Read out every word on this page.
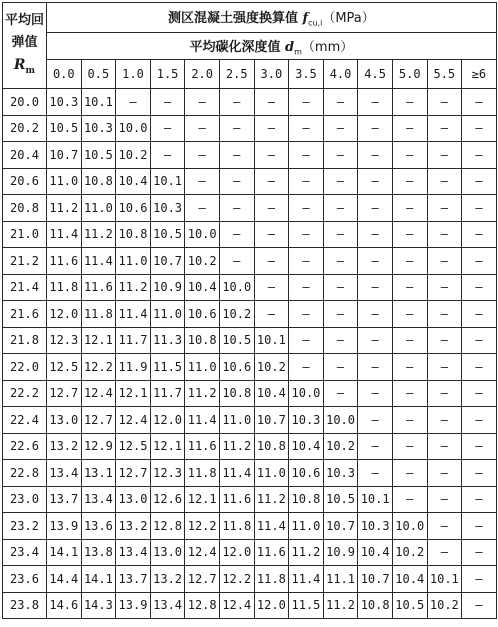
平均回
弹值
$R_m$	测区混凝土强度换算值 $f_{cu,i}(MPa)$												
	平均碳化深度值 $d_m(mm)$												
	0.0	0.5	1.0	1.5	2.0	2.5	3.0	3.5	4.0	4.5	5.0	5.5	≥6
20.0	10.3	10.1	—	—	—	—	—	—	—	—	—	—	—
20.2	10.5	10.3	10.0	—	—	—	—	—	—	—	—	—	—
20.4	10.7	10.5	10.2	—	—	—	—	—	—	—	—	—	—
20.6	11.0	10.8	10.4	10.1	—	—	—	—	—	—	—	—	—
20.8	11.2	11.0	10.6	10.3	—	—	—	—	—	—	—	—	—
21.0	11.4	11.2	10.8	10.5	10.0	—	—	—	—	—	—	—	—
21.2	11.6	11.4	11.0	10.7	10.2	—	—	—	—	—	—	—	—
21.4	11.8	11.6	11.2	10.9	10.4	10.0	—	—	—	—	—	—	—
21.6	12.0	11.8	11.4	11.0	10.6	10.2	—	—	—	—	—	—	—
21.8	12.3	12.1	11.7	11.3	10.8	10.5	10.1	—	—	—	—	—	—
22.0	12.5	12.2	11.9	11.5	11.0	10.6	10.2	—	—	—	—	—	—
22.2	12.7	12.4	12.1	11.7	11.2	10.8	10.4	10.0	—	—	—	—	—
22.4	13.0	12.7	12.4	12.0	11.4	11.0	10.7	10.3	10.0	—	—	—	—
22.6	13.2	12.9	12.5	12.1	11.6	11.2	10.8	10.4	10.2	—	—	—	—
22.8	13.4	13.1	12.7	12.3	11.8	11.4	11.0	10.6	10.3	—	—	—	—
23.0	13.7	13.4	13.0	12.6	12.1	11.6	11.2	10.8	10.5	10.1	—	—	—
23.2	13.9	13.6	13.2	12.8	12.2	11.8	11.4	11.0	10.7	10.3	10.0	—	—
23.4	14.1	13.8	13.4	13.0	12.4	12.0	11.6	11.2	10.9	10.4	10.2	—	—
23.6	14.4	14.1	13.7	13.2	12.7	12.2	11.8	11.4	11.1	10.7	10.4	10.1	—
23.8	14.6	14.3	13.9	13.4	12.8	12.4	12.0	11.5	11.2	10.8	10.5	10.2	—
